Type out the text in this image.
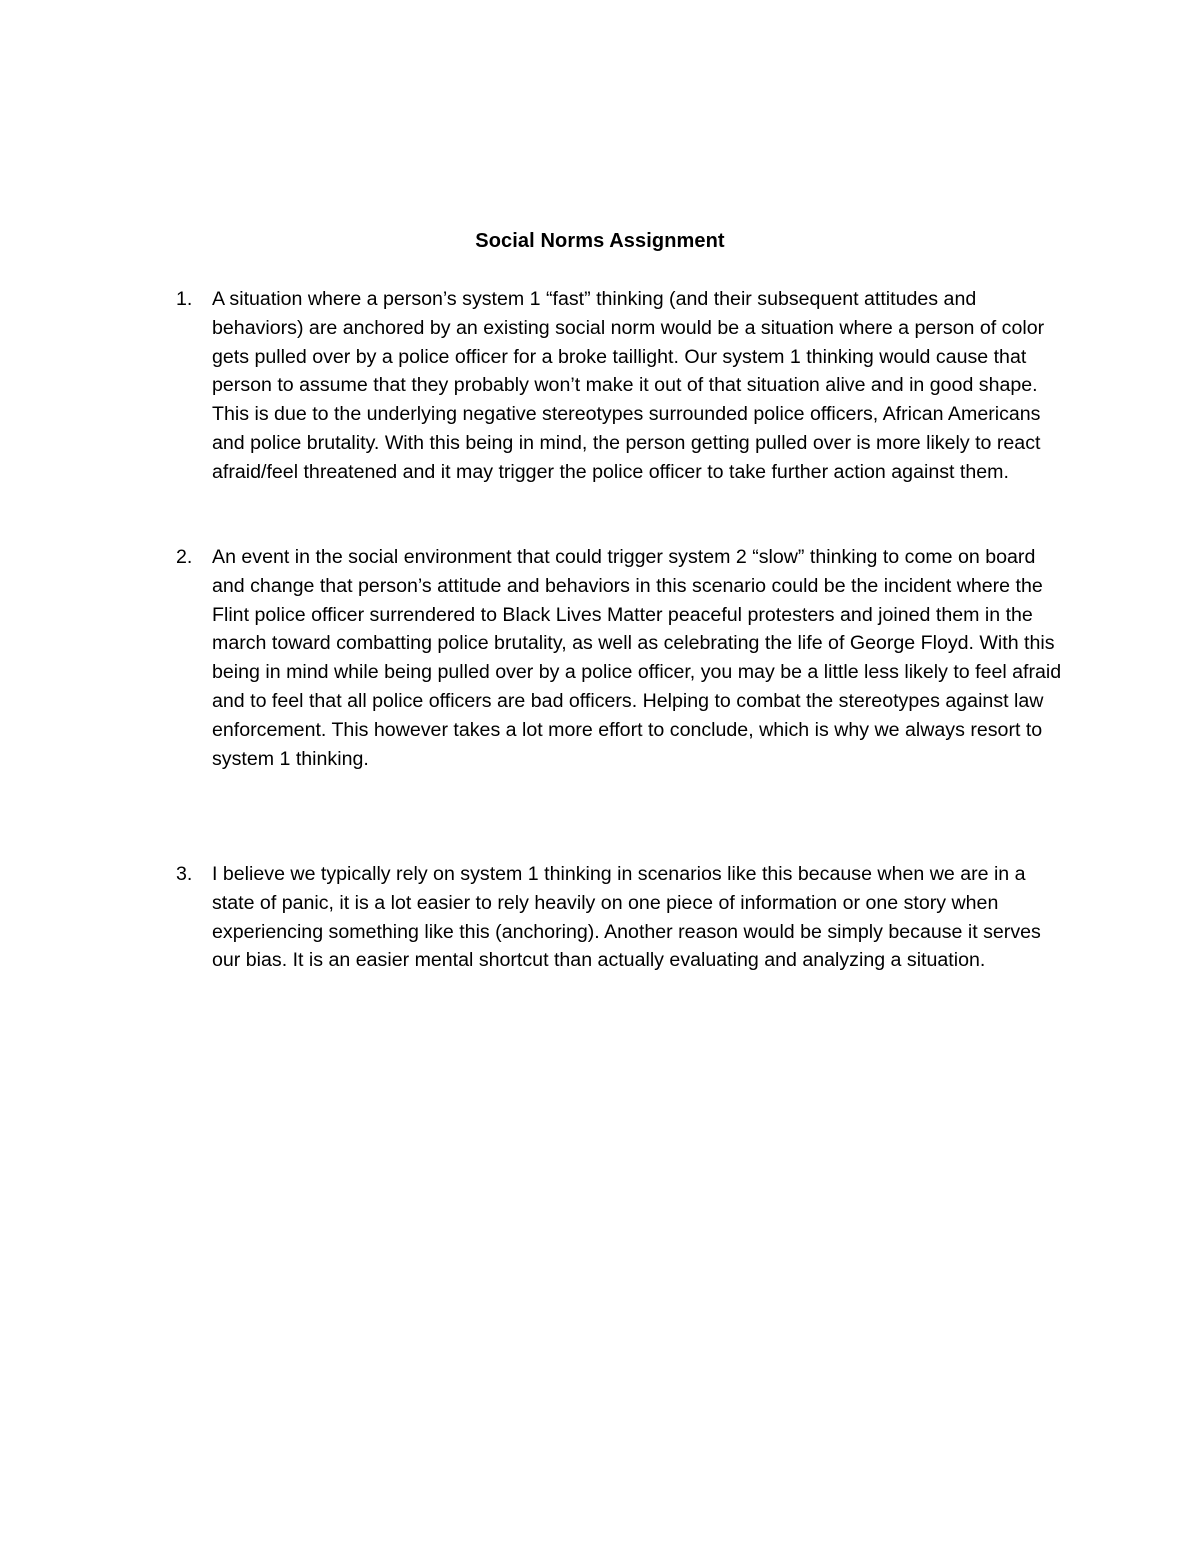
Social Norms Assignment
1.	A situation where a person’s system 1 “fast” thinking (and their subsequent attitudes and behaviors) are anchored by an existing social norm would be a situation where a person of color gets pulled over by a police officer for a broke taillight. Our system 1 thinking would cause that person to assume that they probably won’t make it out of that situation alive and in good shape. This is due to the underlying negative stereotypes surrounded police officers, African Americans and police brutality. With this being in mind, the person getting pulled over is more likely to react afraid/feel threatened and it may trigger the police officer to take further action against them.
2.	An event in the social environment that could trigger system 2 “slow” thinking to come on board and change that person’s attitude and behaviors in this scenario could be the incident where the Flint police officer surrendered to Black Lives Matter peaceful protesters and joined them in the march toward combatting police brutality, as well as celebrating the life of George Floyd. With this being in mind while being pulled over by a police officer, you may be a little less likely to feel afraid and to feel that all police officers are bad officers. Helping to combat the stereotypes against law enforcement. This however takes a lot more effort to conclude, which is why we always resort to system 1 thinking.
3.	I believe we typically rely on system 1 thinking in scenarios like this because when we are in a state of panic, it is a lot easier to rely heavily on one piece of information or one story when experiencing something like this (anchoring). Another reason would be simply because it serves our bias. It is an easier mental shortcut than actually evaluating and analyzing a situation.
